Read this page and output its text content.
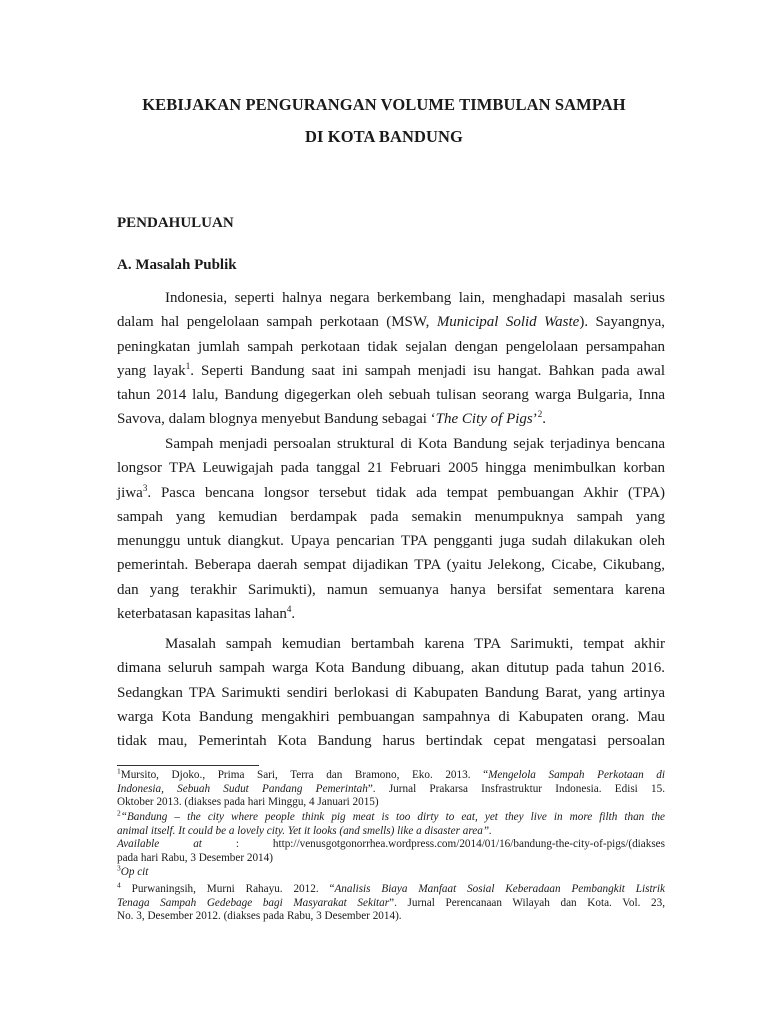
KEBIJAKAN PENGURANGAN VOLUME TIMBULAN SAMPAH
DI KOTA BANDUNG
PENDAHULUAN
A. Masalah Publik
Indonesia, seperti halnya negara berkembang lain, menghadapi masalah serius
dalam hal pengelolaan sampah perkotaan (MSW, Municipal Solid Waste). Sayangnya,
peningkatan jumlah sampah perkotaan tidak sejalan dengan pengelolaan persampahan
yang layak$^1$. Seperti Bandung saat ini sampah menjadi isu hangat. Bahkan pada awal
tahun 2014 lalu, Bandung digegerkan oleh sebuah tulisan seorang warga Bulgaria, Inna
Savova, dalam blognya menyebut Bandung sebagai ‘The City of Pigs’$^2$.
Sampah menjadi persoalan struktural di Kota Bandung sejak terjadinya bencana
longsor TPA Leuwigajah pada tanggal 21 Februari 2005 hingga menimbulkan korban
jiwa$^3$. Pasca bencana longsor tersebut tidak ada tempat pembuangan Akhir (TPA)
sampah yang kemudian berdampak pada semakin menumpuknya sampah yang
menunggu untuk diangkut. Upaya pencarian TPA pengganti juga sudah dilakukan oleh
pemerintah. Beberapa daerah sempat dijadikan TPA (yaitu Jelekong, Cicabe, Cikubang,
dan yang terakhir Sarimukti), namun semuanya hanya bersifat sementara karena
keterbatasan kapasitas lahan$^4$.
Masalah sampah kemudian bertambah karena TPA Sarimukti, tempat akhir
dimana seluruh sampah warga Kota Bandung dibuang, akan ditutup pada tahun 2016.
Sedangkan TPA Sarimukti sendiri berlokasi di Kabupaten Bandung Barat, yang artinya
warga Kota Bandung mengakhiri pembuangan sampahnya di Kabupaten orang. Mau
tidak mau, Pemerintah Kota Bandung harus bertindak cepat mengatasi persoalan
$^1$Mursito, Djoko., Prima Sari, Terra dan Bramono, Eko. 2013. “Mengelola Sampah Perkotaan di
Indonesia, Sebuah Sudut Pandang Pemerintah”. Jurnal Prakarsa Insfrastruktur Indonesia. Edisi 15.
Oktober 2013. (diakses pada hari Minggu, 4 Januari 2015)
$^2$“Bandung – the city where people think pig meat is too dirty to eat, yet they live in more filth than the
animal itself. It could be a lovely city. Yet it looks (and smells) like a disaster area”.
Available at	:	http://venusgotgonorrhea.wordpress.com/2014/01/16/bandung-the-city-of-pigs/(diakses
pada hari Rabu, 3 Desember 2014)
$^3$Op cit
$^4$ Purwaningsih, Murni Rahayu. 2012. “Analisis Biaya Manfaat Sosial Keberadaan Pembangkit Listrik
Tenaga Sampah Gedebage bagi Masyarakat Sekitar”. Jurnal Perencanaan Wilayah dan Kota. Vol. 23,
No. 3, Desember 2012. (diakses pada Rabu, 3 Desember 2014).
